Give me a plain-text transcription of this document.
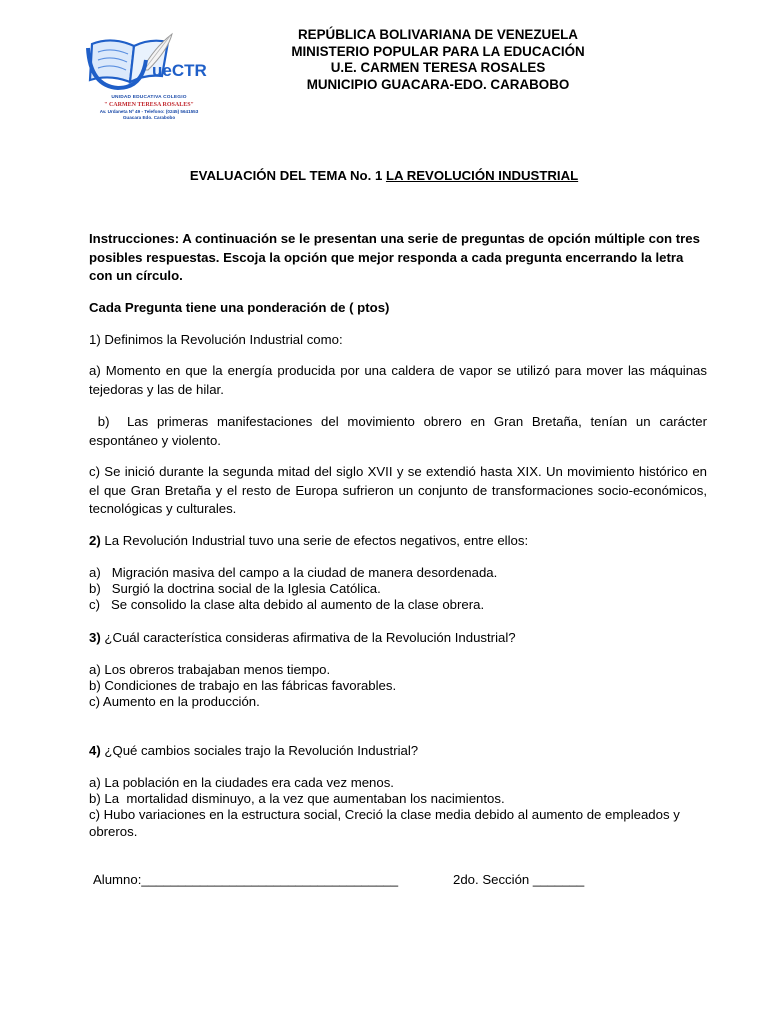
ueCTR
UNIDAD EDUCATIVA COLEGIO
" CARMEN TERESA ROSALES"
Av. Urdaneta Nº 49 - Telefono: (0245) 5641553
Guacara Edo. Carabobo
REPÚBLICA BOLIVARIANA DE VENEZUELA
MINISTERIO POPULAR PARA LA EDUCACIÓN
U.E. CARMEN TERESA ROSALES
MUNICIPIO GUACARA-EDO. CARABOBO
EVALUACIÓN DEL TEMA No. 1 LA REVOLUCIÓN INDUSTRIAL
Instrucciones: A continuación se le presentan una serie de preguntas de opción múltiple con tres posibles respuestas. Escoja la opción que mejor responda a cada pregunta encerrando la letra con un círculo.
Cada Pregunta tiene una ponderación de ( ptos)
1) Definimos la Revolución Industrial como:
a) Momento en que la energía producida por una caldera de vapor se utilizó para mover las máquinas tejedoras y las de hilar.
b)  Las primeras manifestaciones del movimiento obrero en Gran Bretaña, tenían un carácter espontáneo y violento.
c) Se inició durante la segunda mitad del siglo XVII y se extendió hasta XIX. Un movimiento histórico en el que Gran Bretaña y el resto de Europa sufrieron un conjunto de transformaciones socio-económicos, tecnológicas y culturales.
2) La Revolución Industrial tuvo una serie de efectos negativos, entre ellos:
a)   Migración masiva del campo a la ciudad de manera desordenada.
b)   Surgió la doctrina social de la Iglesia Católica.
c)   Se consolido la clase alta debido al aumento de la clase obrera.
3) ¿Cuál característica consideras afirmativa de la Revolución Industrial?
a) Los obreros trabajaban menos tiempo.
b) Condiciones de trabajo en las fábricas favorables.
c) Aumento en la producción.
4) ¿Qué cambios sociales trajo la Revolución Industrial?
a) La población en la ciudades era cada vez menos.
b) La  mortalidad disminuyo, a la vez que aumentaban los nacimientos.
c) Hubo variaciones en la estructura social, Creció la clase media debido al aumento de empleados y obreros.
Alumno:___________________________________	2do. Sección _______
